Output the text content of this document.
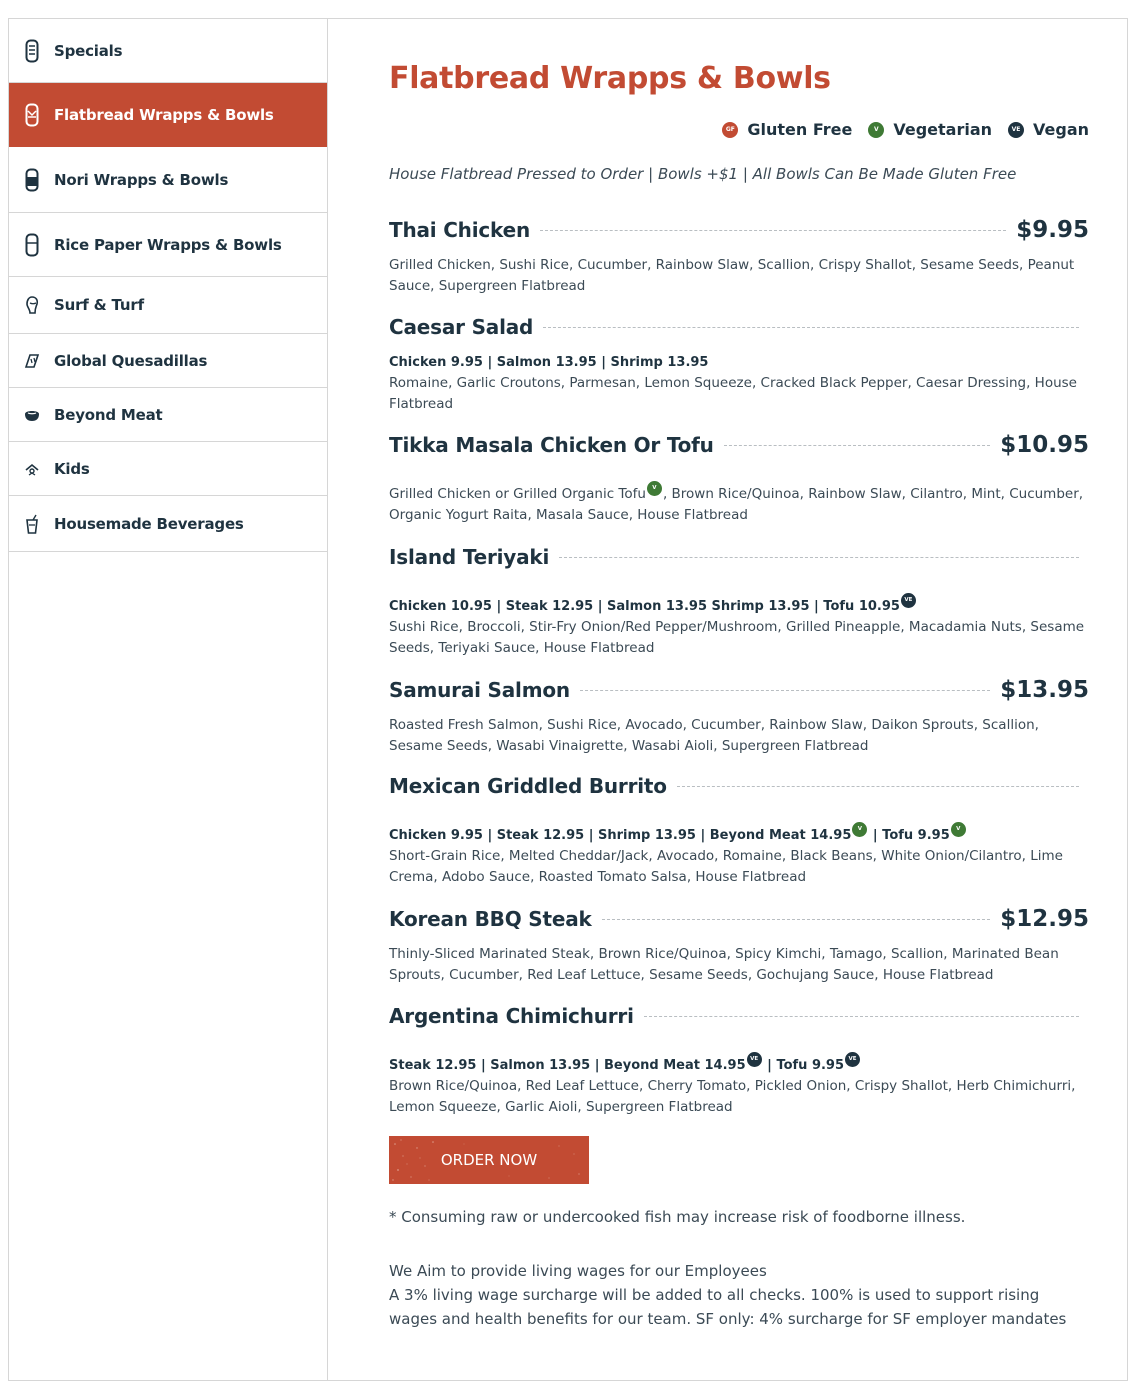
Specials
Flatbread Wrapps & Bowls
Nori Wrapps & Bowls
Rice Paper Wrapps & Bowls
Surf & Turf
Global Quesadillas
Beyond Meat
Kids
Housemade Beverages
Flatbread Wrapps & Bowls
GF Gluten Free	V Vegetarian	VE Vegan

House Flatbread Pressed to Order | Bowls +$1 | All Bowls Can Be Made Gluten Free

Thai Chicken	$9.95

Grilled Chicken, Sushi Rice, Cucumber, Rainbow Slaw, Scallion, Crispy Shallot, Sesame Seeds, Peanut Sauce, Supergreen Flatbread

Caesar Salad

Chicken 9.95 | Salmon 13.95 | Shrimp 13.95

Romaine, Garlic Croutons, Parmesan, Lemon Squeeze, Cracked Black Pepper, Caesar Dressing, House Flatbread

Tikka Masala Chicken Or Tofu	$10.95

Grilled Chicken or Grilled Organic Tofu V , Brown Rice/Quinoa, Rainbow Slaw, Cilantro, Mint, Cucumber, Organic Yogurt Raita, Masala Sauce, House Flatbread

Island Teriyaki

Chicken 10.95 | Steak 12.95 | Salmon 13.95 Shrimp 13.95 | Tofu 10.95 VE

Sushi Rice, Broccoli, Stir-Fry Onion/Red Pepper/Mushroom, Grilled Pineapple, Macadamia Nuts, Sesame Seeds, Teriyaki Sauce, House Flatbread

Samurai Salmon	$13.95

Roasted Fresh Salmon, Sushi Rice, Avocado, Cucumber, Rainbow Slaw, Daikon Sprouts, Scallion, Sesame Seeds, Wasabi Vinaigrette, Wasabi Aioli, Supergreen Flatbread

Mexican Griddled Burrito

Chicken 9.95 | Steak 12.95 | Shrimp 13.95 | Beyond Meat 14.95 V | Tofu 9.95 V

Short-Grain Rice, Melted Cheddar/Jack, Avocado, Romaine, Black Beans, White Onion/Cilantro, Lime Crema, Adobo Sauce, Roasted Tomato Salsa, House Flatbread

Korean BBQ Steak	$12.95

Thinly-Sliced Marinated Steak, Brown Rice/Quinoa, Spicy Kimchi, Tamago, Scallion, Marinated Bean Sprouts, Cucumber, Red Leaf Lettuce, Sesame Seeds, Gochujang Sauce, House Flatbread

Argentina Chimichurri

Steak 12.95 | Salmon 13.95 | Beyond Meat 14.95 VE | Tofu 9.95 VE

Brown Rice/Quinoa, Red Leaf Lettuce, Cherry Tomato, Pickled Onion, Crispy Shallot, Herb Chimichurri, Lemon Squeeze, Garlic Aioli, Supergreen Flatbread

ORDER NOW

* Consuming raw or undercooked fish may increase risk of foodborne illness.

We Aim to provide living wages for our Employees

A 3% living wage surcharge will be added to all checks. 100% is used to support rising wages and health benefits for our team. SF only: 4% surcharge for SF employer mandates
